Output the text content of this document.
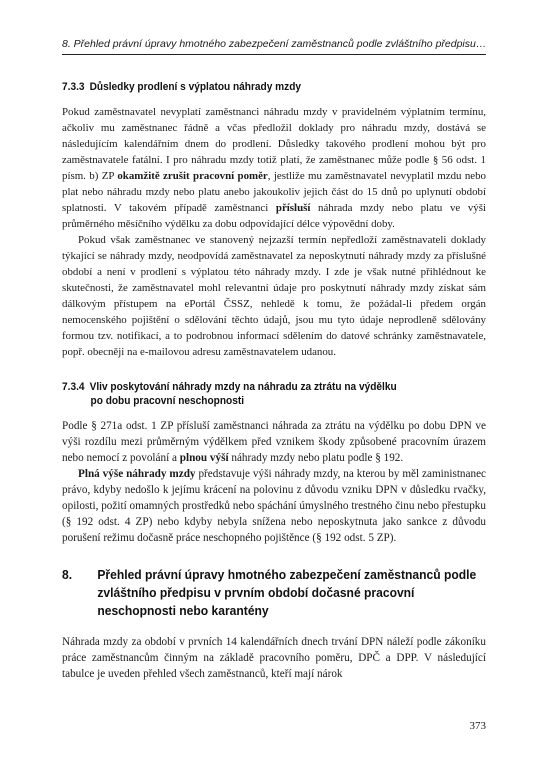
8. Přehled právní úpravy hmotného zabezpečení zaměstnanců podle zvláštního předpisu…
7.3.3 Důsledky prodlení s výplatou náhrady mzdy

Pokud zaměstnavatel nevyplatí zaměstnanci náhradu mzdy v pravidelném výplatním termínu, ačkoliv mu zaměstnanec řádně a včas předložil doklady pro náhradu mzdy, dostává se následujícím kalendářním dnem do prodlení. Důsledky takového prodlení mohou být pro zaměstnavatele fatální. I pro náhradu mzdy totiž platí, že zaměstnanec může podle § 56 odst. 1 písm. b) ZP okamžitě zrušit pracovní poměr, jestliže mu zaměstnavatel nevyplatil mzdu nebo plat nebo náhradu mzdy nebo platu anebo jakoukoliv jejich část do 15 dnů po uplynutí období splatnosti. V takovém případě zaměstnanci přísluší náhrada mzdy nebo platu ve výši průměrného měsíčního výdělku za dobu odpovídající délce výpovědní doby.

Pokud však zaměstnanec ve stanovený nejzazší termín nepředloží zaměstnavateli doklady týkající se náhrady mzdy, neodpovídá zaměstnavatel za neposkytnutí náhrady mzdy za příslušné období a není v prodlení s výplatou této náhrady mzdy. I zde je však nutné přihlédnout ke skutečnosti, že zaměstnavatel mohl relevantní údaje pro poskytnutí náhrady mzdy získat sám dálkovým přístupem na ePortál ČSSZ, nehledě k tomu, že požádal-li předem orgán nemocenského pojištění o sdělování těchto údajů, jsou mu tyto údaje neprodleně sdělovány formou tzv. notifikací, a to podrobnou informací sdělením do datové schránky zaměstnavatele, popř. obecněji na e-mailovou adresu zaměstnavatelem udanou.

7.3.4 Vliv poskytování náhrady mzdy na náhradu za ztrátu na výdělku
po dobu pracovní neschopnosti

Podle § 271a odst. 1 ZP přísluší zaměstnanci náhrada za ztrátu na výdělku po dobu DPN ve výši rozdílu mezi průměrným výdělkem před vznikem škody způsobené pracovním úrazem nebo nemocí z povolání a plnou výší náhrady mzdy nebo platu podle § 192.

Plná výše náhrady mzdy představuje výši náhrady mzdy, na kterou by měl zaministnanec právo, kdyby nedošlo k jejímu krácení na polovinu z důvodu vzniku DPN v důsledku rvačky, opilosti, požití omamných prostředků nebo spáchání úmyslného trestného činu nebo přestupku (§ 192 odst. 4 ZP) nebo kdyby nebyla snížena nebo neposkytnuta jako sankce z důvodu porušení režimu dočasně práce neschopného pojištěnce (§ 192 odst. 5 ZP).

8.	Přehled právní úpravy hmotného zabezpečení zaměstnanců podle zvláštního předpisu v prvním období dočasné pracovní neschopnosti nebo karantény

Náhrada mzdy za období v prvních 14 kalendářních dnech trvání DPN náleží podle zákoníku práce zaměstnancům činným na základě pracovního poměru, DPČ a DPP. V následující tabulce je uveden přehled všech zaměstnanců, kteří mají nárok

373
